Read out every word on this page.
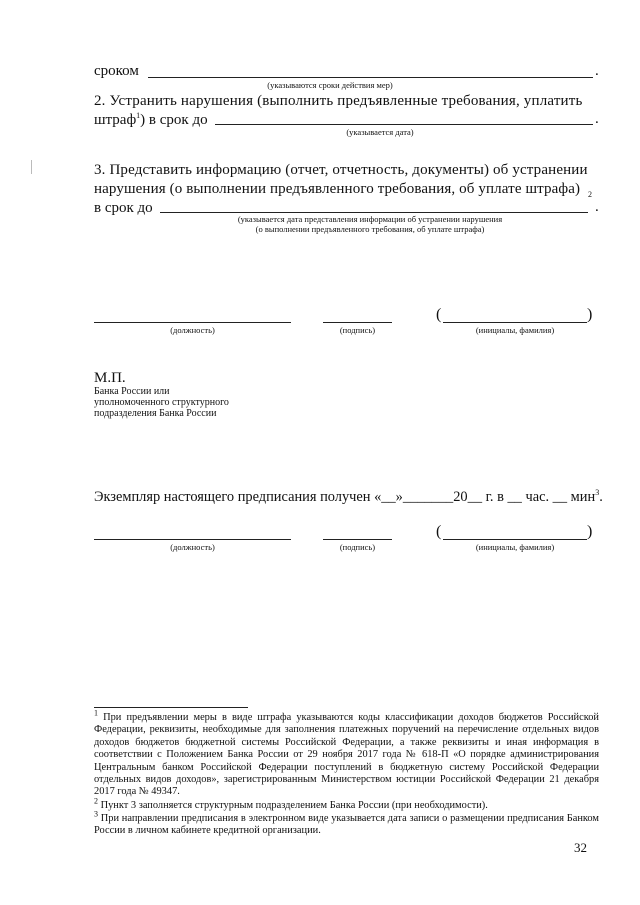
сроком	.
(указываются сроки действия мер)
2. Устранить нарушения (выполнить предъявленные требования, уплатить
штраф$^1$) в срок до	.
(указывается дата)
3. Представить информацию (отчет, отчетность, документы) об устранении
нарушения (о выполнении предъявленного требования, об уплате штрафа)
в срок до
2
.
(указывается дата представления информации об устранении нарушения
(о выполнении предъявленного требования, об уплате штрафа)
(должность)	(подпись)
(	)
(инициалы, фамилия)
М.П.
Банка России или
уполномоченного структурного
подразделения Банка России
Экземпляр настоящего предписания получен «__»_______20__ г. в __ час. __ мин$^3$.
(должность)	(подпись)
(	)
(инициалы, фамилия)
$^1$ При предъявлении меры в виде штрафа указываются коды классификации доходов бюджетов Российской Федерации, реквизиты, необходимые для заполнения платежных поручений на перечисление отдельных видов доходов бюджетов бюджетной системы Российской Федерации, а также реквизиты и иная информация в соответствии с Положением Банка России от 29 ноября 2017 года № 618-П «О порядке администрирования Центральным банком Российской Федерации поступлений в бюджетную систему Российской Федерации отдельных видов доходов», зарегистрированным Министерством юстиции Российской Федерации 21 декабря 2017 года № 49347.
$^2$ Пункт 3 заполняется структурным подразделением Банка России (при необходимости).
$^3$ При направлении предписания в электронном виде указывается дата записи о размещении предписания Банком России в личном кабинете кредитной организации.
32
